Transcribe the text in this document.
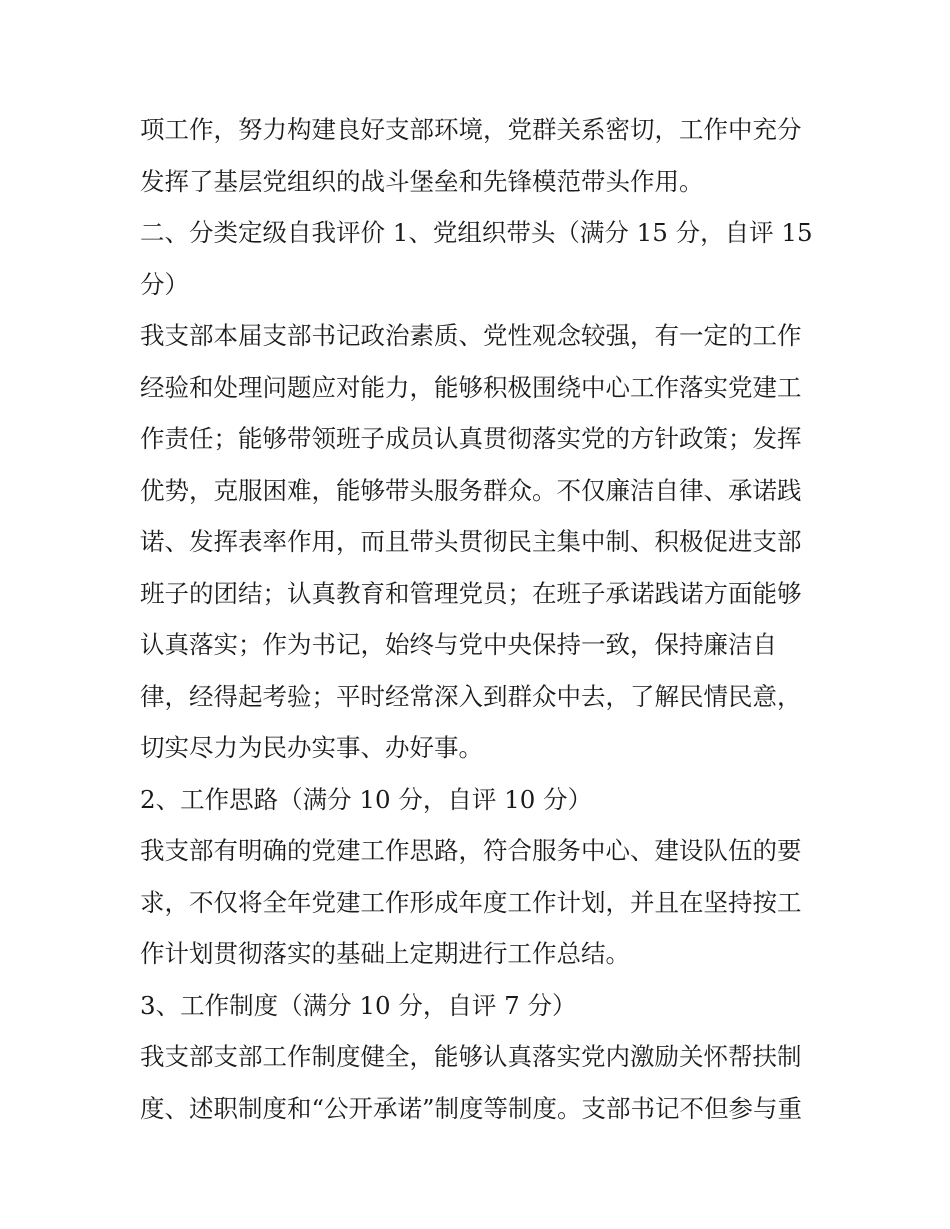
项工作，努力构建良好支部环境，党群关系密切，工作中充分
发挥了基层党组织的战斗堡垒和先锋模范带头作用。
二、分类定级自我评价 1、党组织带头（满分 15 分，自评 15
分）
我支部本届支部书记政治素质、党性观念较强，有一定的工作
经验和处理问题应对能力，能够积极围绕中心工作落实党建工
作责任；能够带领班子成员认真贯彻落实党的方针政策；发挥
优势，克服困难，能够带头服务群众。不仅廉洁自律、承诺践
诺、发挥表率作用，而且带头贯彻民主集中制、积极促进支部
班子的团结；认真教育和管理党员；在班子承诺践诺方面能够
认真落实；作为书记，始终与党中央保持一致，保持廉洁自
律，经得起考验；平时经常深入到群众中去，了解民情民意，
切实尽力为民办实事、办好事。
2、工作思路（满分 10 分，自评 10 分）
我支部有明确的党建工作思路，符合服务中心、建设队伍的要
求，不仅将全年党建工作形成年度工作计划，并且在坚持按工
作计划贯彻落实的基础上定期进行工作总结。
3、工作制度（满分 10 分，自评 7 分）
我支部支部工作制度健全，能够认真落实党内激励关怀帮扶制
度、述职制度和“公开承诺”制度等制度。支部书记不但参与重
